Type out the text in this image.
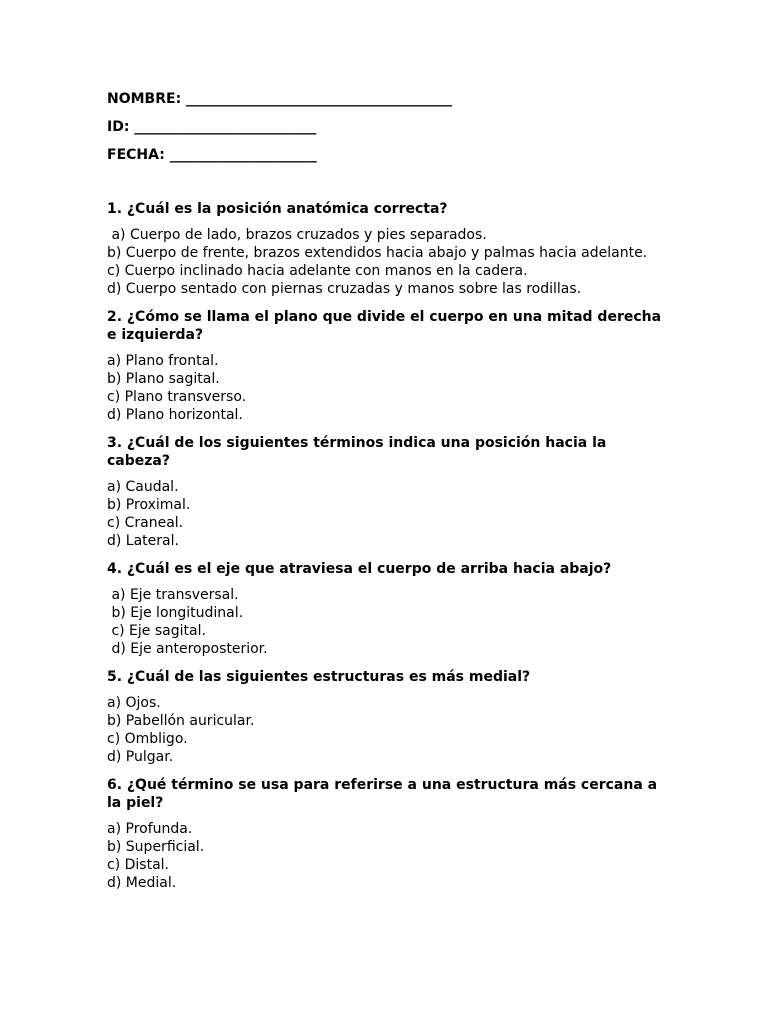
NOMBRE: ______________________________________
ID: __________________________
FECHA: _____________________

1. ¿Cuál es la posición anatómica correcta?

a) Cuerpo de lado, brazos cruzados y pies separados.
b) Cuerpo de frente, brazos extendidos hacia abajo y palmas hacia adelante.
c) Cuerpo inclinado hacia adelante con manos en la cadera.
d) Cuerpo sentado con piernas cruzadas y manos sobre las rodillas.

2. ¿Cómo se llama el plano que divide el cuerpo en una mitad derecha e izquierda?

a) Plano frontal.
b) Plano sagital.
c) Plano transverso.
d) Plano horizontal.

3. ¿Cuál de los siguientes términos indica una posición hacia la cabeza?

a) Caudal.
b) Proximal.
c) Craneal.
d) Lateral.

4. ¿Cuál es el eje que atraviesa el cuerpo de arriba hacia abajo?

a) Eje transversal.
b) Eje longitudinal.
c) Eje sagital.
d) Eje anteroposterior.

5. ¿Cuál de las siguientes estructuras es más medial?

a) Ojos.
b) Pabellón auricular.
c) Ombligo.
d) Pulgar.

6. ¿Qué término se usa para referirse a una estructura más cercana a la piel?

a) Profunda.
b) Superficial.
c) Distal.
d) Medial.
